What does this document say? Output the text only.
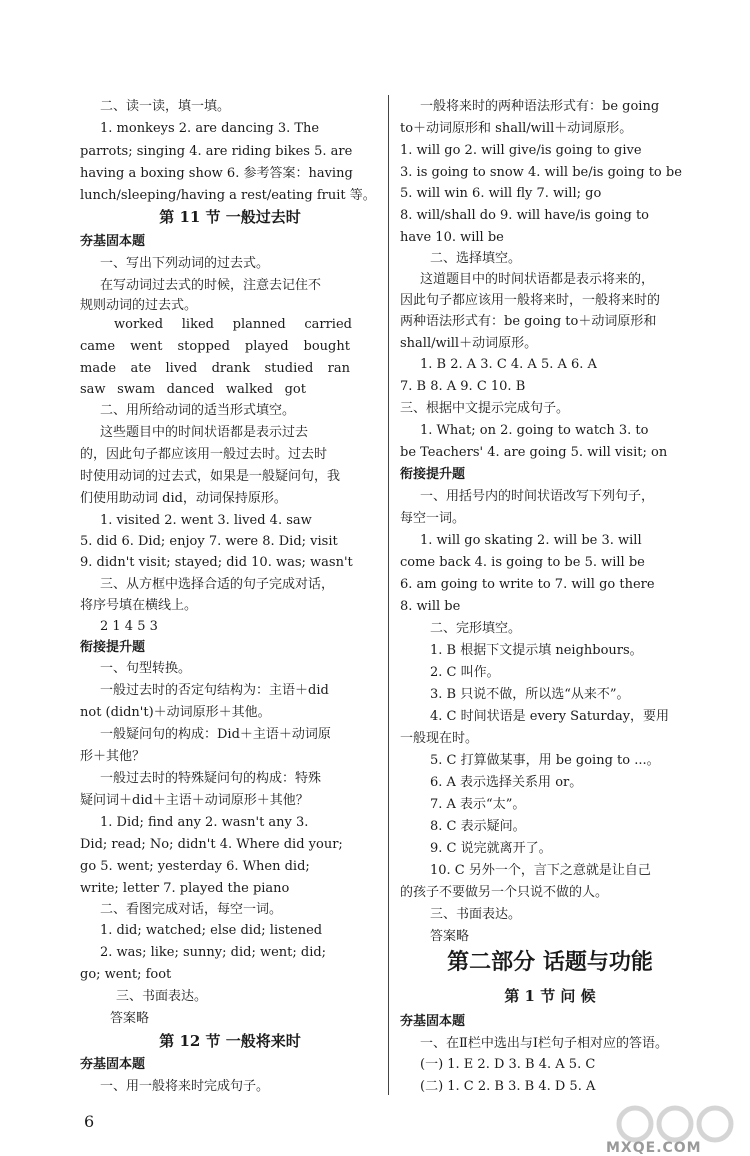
二、读一读，填一填。
1. monkeys 2. are dancing 3. The
parrots; singing 4. are riding bikes 5. are
having a boxing show 6. 参考答案：having
lunch/sleeping/having a rest/eating fruit 等。
第 11 节 一般过去时
夯基固本题
一、写出下列动词的过去式。
在写动词过去式的时候，注意去记住不
规则动词的过去式。
worked liked planned carried
came went stopped played bought
made ate lived drank studied ran
saw swam danced walked got
二、用所给动词的适当形式填空。
这些题目中的时间状语都是表示过去
的，因此句子都应该用一般过去时。过去时
时使用动词的过去式，如果是一般疑问句，我
们使用助动词 did，动词保持原形。
1. visited 2. went 3. lived 4. saw
5. did 6. Did; enjoy 7. were 8. Did; visit
9. didn't visit; stayed; did 10. was; wasn't
三、从方框中选择合适的句子完成对话，
将序号填在横线上。
2 1 4 5 3
衔接提升题
一、句型转换。
一般过去时的否定句结构为：主语＋did
not (didn't)＋动词原形＋其他。
一般疑问句的构成：Did＋主语＋动词原
形＋其他？
一般过去时的特殊疑问句的构成：特殊
疑问词＋did＋主语＋动词原形＋其他？
1. Did; find any 2. wasn't any 3.
Did; read; No; didn't 4. Where did your;
go 5. went; yesterday 6. When did;
write; letter 7. played the piano
二、看图完成对话，每空一词。
1. did; watched; else did; listened
2. was; like; sunny; did; went; did;
go; went; foot
三、书面表达。
答案略
第 12 节 一般将来时
夯基固本题
一、用一般将来时完成句子。
一般将来时的两种语法形式有：be going
to＋动词原形和 shall/will＋动词原形。
1. will go 2. will give/is going to give
3. is going to snow 4. will be/is going to be
5. will win 6. will fly 7. will; go
8. will/shall do 9. will have/is going to
have 10. will be
二、选择填空。
这道题目中的时间状语都是表示将来的，
因此句子都应该用一般将来时，一般将来时的
两种语法形式有：be going to＋动词原形和
shall/will＋动词原形。
1. B 2. A 3. C 4. A 5. A 6. A
7. B 8. A 9. C 10. B
三、根据中文提示完成句子。
1. What; on 2. going to watch 3. to
be Teachers' 4. are going 5. will visit; on
衔接提升题
一、用括号内的时间状语改写下列句子，
每空一词。
1. will go skating 2. will be 3. will
come back 4. is going to be 5. will be
6. am going to write to 7. will go there
8. will be
二、完形填空。
1. B 根据下文提示填 neighbours。
2. C 叫作。
3. B 只说不做，所以选“从来不”。
4. C 时间状语是 every Saturday，要用
一般现在时。
5. C 打算做某事，用 be going to ...。
6. A 表示选择关系用 or。
7. A 表示“太”。
8. C 表示疑问。
9. C 说完就离开了。
10. C 另外一个，言下之意就是让自己
的孩子不要做另一个只说不做的人。
三、书面表达。
答案略
第二部分 话题与功能
第 1 节 问 候
夯基固本题
一、在Ⅱ栏中选出与Ⅰ栏句子相对应的答语。
(一) 1. E 2. D 3. B 4. A 5. C
(二) 1. C 2. B 3. B 4. D 5. A
6
MXQE.COM
